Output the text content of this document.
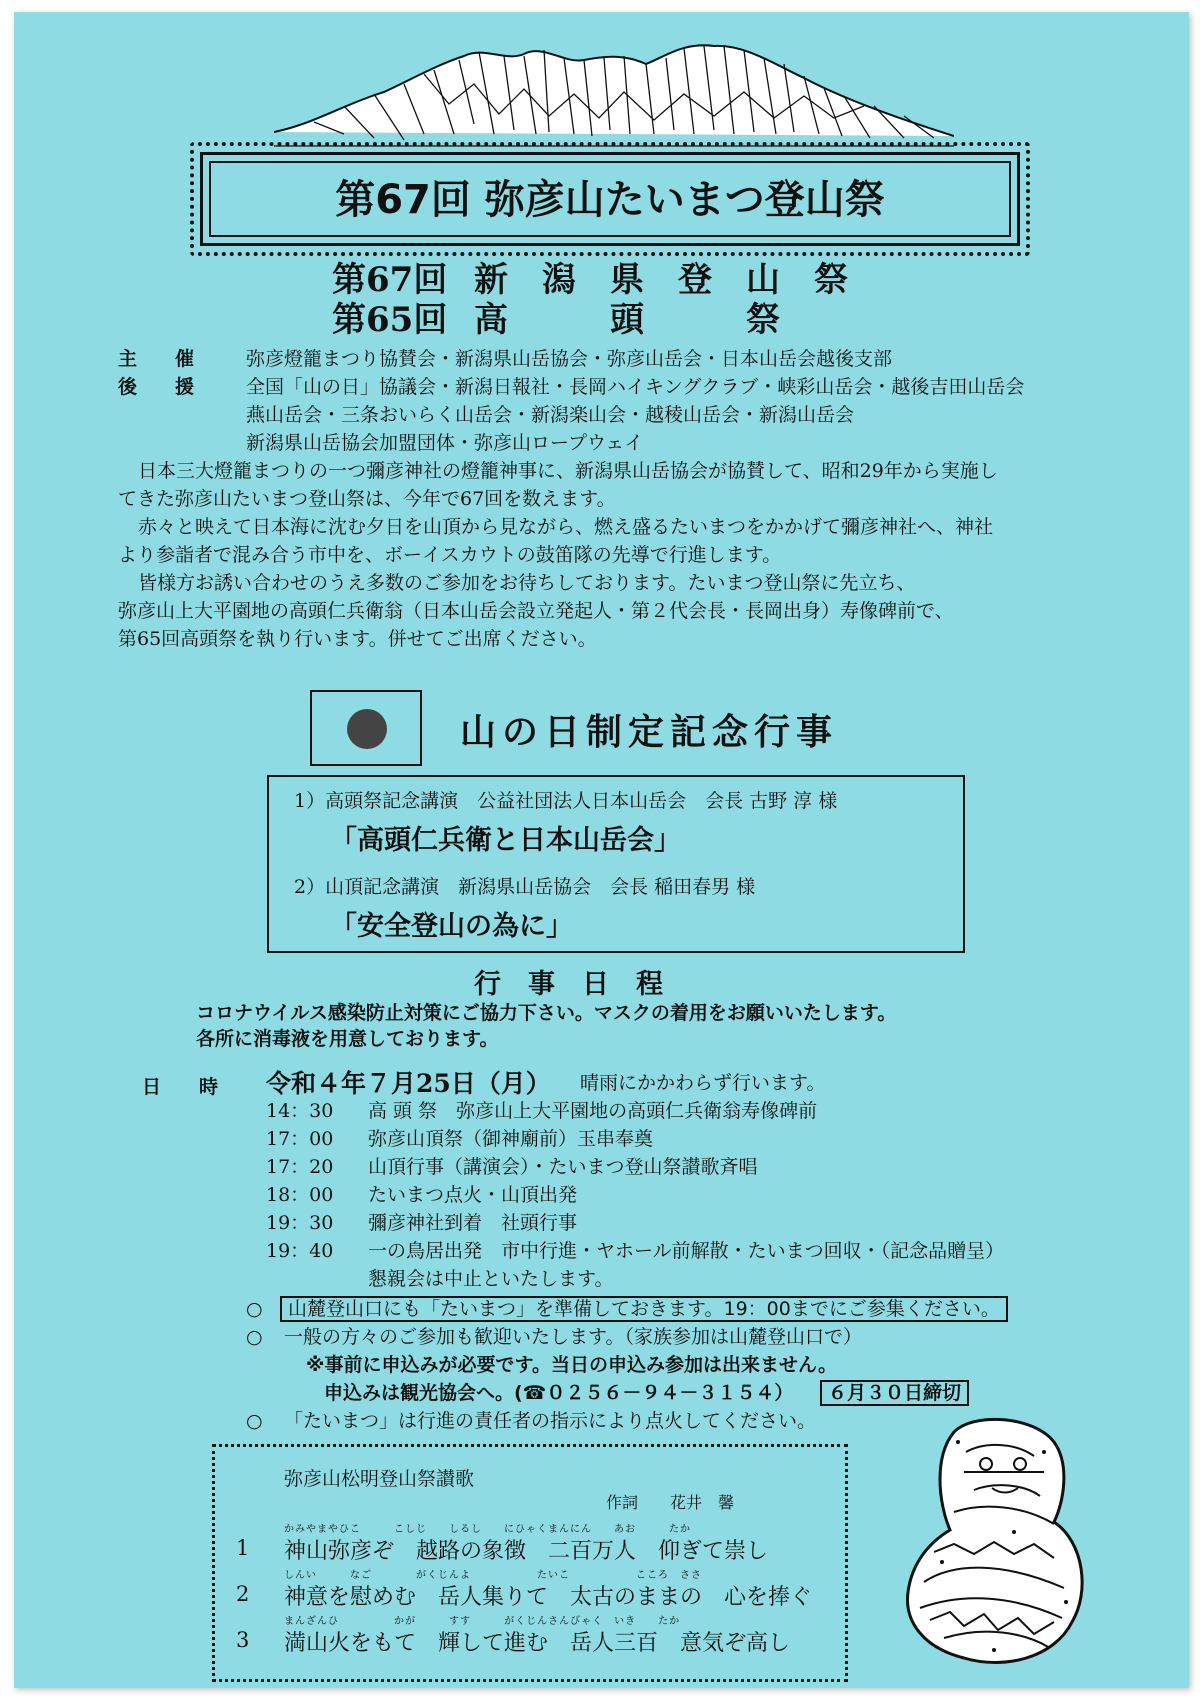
第67回 弥彦山たいまつ登山祭
第67回 新　潟　県　登　山　祭
第65回 高　　　頭　　　祭
主　　催	弥彦燈籠まつり協賛会・新潟県山岳協会・弥彦山岳会・日本山岳会越後支部
後　　援	全国「山の日」協議会・新潟日報社・長岡ハイキングクラブ・峡彩山岳会・越後吉田山岳会
燕山岳会・三条おいらく山岳会・新潟楽山会・越稜山岳会・新潟山岳会
新潟県山岳協会加盟団体・弥彦山ロープウェイ
日本三大燈籠まつりの一つ彌彦神社の燈籠神事に、新潟県山岳協会が協賛して、昭和29年から実施し
てきた弥彦山たいまつ登山祭は、今年で67回を数えます。
赤々と映えて日本海に沈む夕日を山頂から見ながら、燃え盛るたいまつをかかげて彌彦神社へ、神社
より参詣者で混み合う市中を、ボーイスカウトの鼓笛隊の先導で行進します。
皆様方お誘い合わせのうえ多数のご参加をお待ちしております。たいまつ登山祭に先立ち、
弥彦山上大平園地の高頭仁兵衛翁（日本山岳会設立発起人・第２代会長・長岡出身）寿像碑前で、
第65回高頭祭を執り行います。併せてご出席ください。
山の日制定記念行事
1）高頭祭記念講演　公益社団法人日本山岳会　会長 古野 淳 様
「高頭仁兵衛と日本山岳会」
2）山頂記念講演　新潟県山岳協会　会長 稲田春男 様
「安全登山の為に」
行　事　日　程
コロナウイルス感染防止対策にご協力下さい。マスクの着用をお願いいたします。
各所に消毒液を用意しております。
日　　時 令和４年７月25日（月） 晴雨にかかわらず行います。
14：30 高 頭 祭　弥彦山上大平園地の高頭仁兵衛翁寿像碑前
17：00 弥彦山頂祭（御神廟前）玉串奉奠
17：20 山頂行事（講演会）・たいまつ登山祭讃歌斉唱
18：00 たいまつ点火・山頂出発
19：30 彌彦神社到着　社頭行事
19：40 一の鳥居出発　市中行進・ヤホール前解散・たいまつ回収・（記念品贈呈）
懇親会は中止といたします。
○	山麓登山口にも「たいまつ」を準備しておきます。19：00までにご参集ください。
○ 一般の方々のご参加も歓迎いたします。（家族参加は山麓登山口で）
※事前に申込みが必要です。当日の申込み参加は出来ません。
申込みは観光協会へ。(☎０２５６－９４－３１５４）	６月３０日締切
○ 「たいまつ」は行進の責任者の指示により点火してください。
弥彦山松明登山祭讃歌
作詞　　花井　馨
かみやまやひこ　　　こしじ　　しるし　　にひゃくまんにん　　あお　　　たか
1 神山弥彦ぞ　越路の象徴　二百万人　仰ぎて崇し
しんい　　　なご　　　　がくじんよ　　　　　　たいこ　　　　　　こころ　ささ
2 神意を慰めむ　岳人集りて　太古のままの　心を捧ぐ
まんざんひ　　　　　かが　　　すす　　　がくじんさんびゃく　いき　　たか
3 満山火をもて　輝して進む　岳人三百　意気ぞ高し
